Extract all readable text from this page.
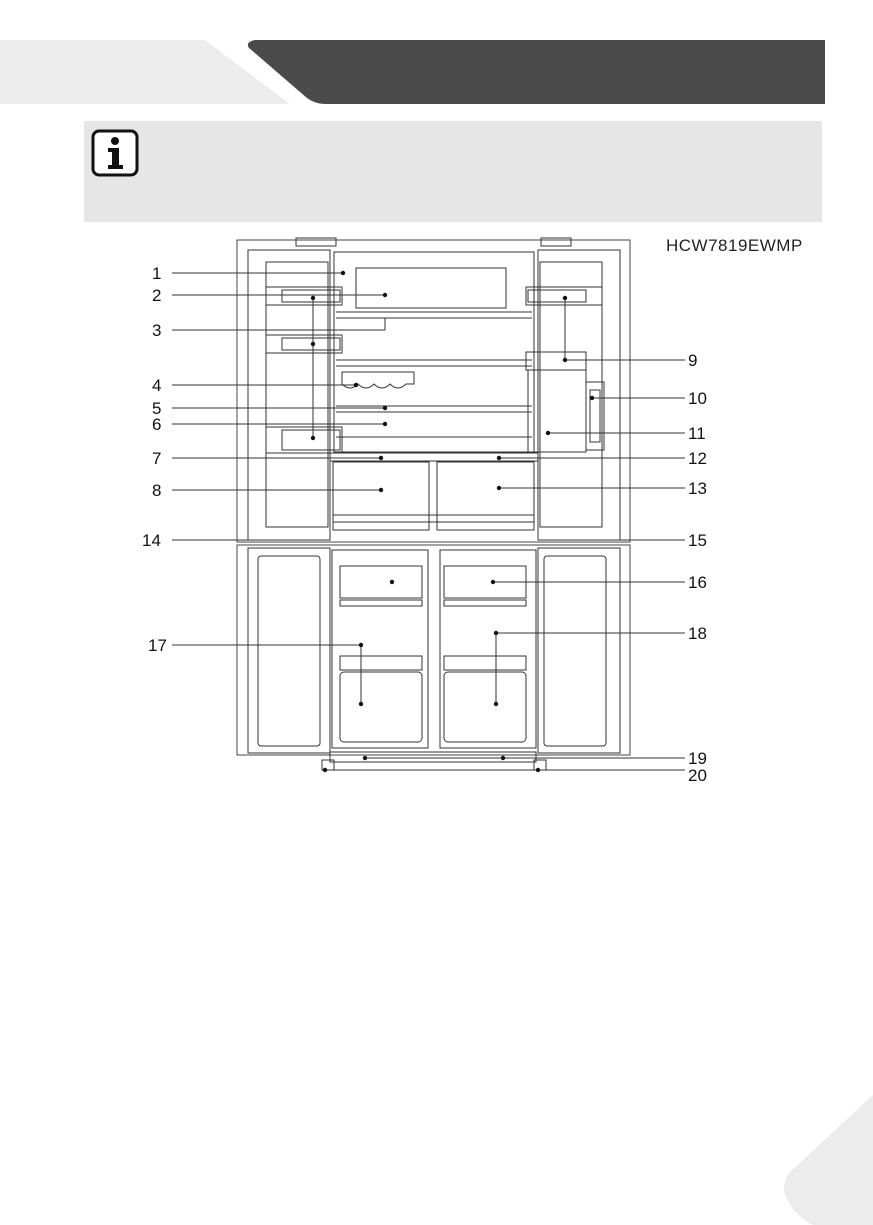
HCW7819EWMP
1
2
3
4
5
6
7
8
9
10
11
12
13
14	15
16
17
18
19
20
